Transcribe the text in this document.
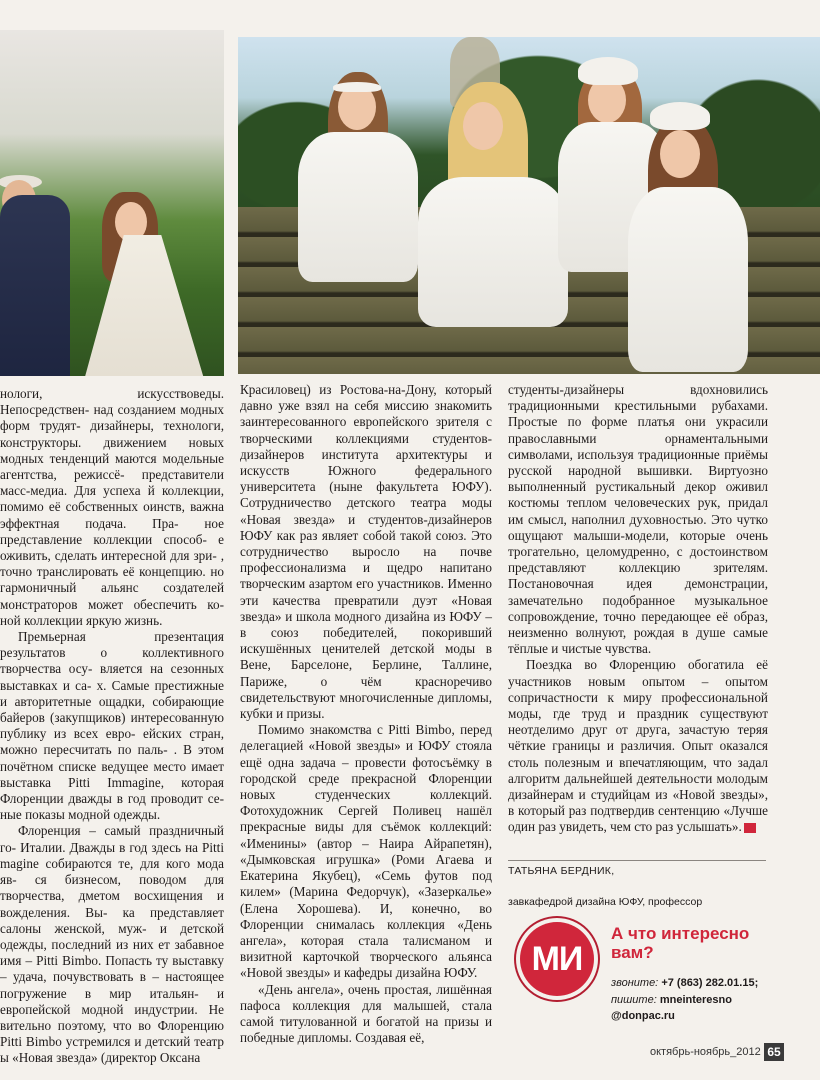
нологи, искусствоведы. Непосредствен- над созданием модных форм трудят- дизайнеры, технологи, конструкторы. движением новых модных тенденций маются модельные агентства, режиссё- представители масс-медиа. Для успеха й коллекции, помимо её собственных оинств, важна эффектная подача. Пра- ное представление коллекции способ- е оживить, сделать интересной для зри- , точно транслировать её концепцию. но гармоничный альянс создателей монстраторов может обеспечить ко- ной коллекции яркую жизнь.

Премьерная презентация результатов о коллективного творчества осу- вляется на сезонных выставках и са- х. Самые престижные и авторитетные ощадки, собирающие байеров (закупщиков) интересованную публику из всех евро- ейских стран, можно пересчитать по паль- . В этом почётном списке ведущее место имает выставка Pitti Immagine, которая Флоренции дважды в год проводит се- ные показы модной одежды.

Флоренция – самый праздничный го- Италии. Дважды в год здесь на Pitti magine собираются те, для кого мода яв- ся бизнесом, поводом для творчества, дметом восхищения и вожделения. Вы- ка представляет салоны женской, муж- и детской одежды, последний из них ет забавное имя – Pitti Bimbo. Попасть ту выставку – удача, почувствовать в – настоящее погружение в мир итальян- и европейской модной индустрии. Не вительно поэтому, что во Флоренцию Pitti Bimbo устремился и детский театр ы «Новая звезда» (директор Оксана

Красиловец) из Ростова-на-Дону, который давно уже взял на себя миссию знакомить заинтересованного европейского зрителя с творческими коллекциями студентов-дизайнеров института архитектуры и искусств Южного федерального университета (ныне факультета ЮФУ). Сотрудничество детского театра моды «Новая звезда» и студентов-дизайнеров ЮФУ как раз являет собой такой союз. Это сотрудничество выросло на почве профессионализма и щедро напитано творческим азартом его участников. Именно эти качества превратили дуэт «Новая звезда» и школа модного дизайна из ЮФУ – в союз победителей, покоривший искушённых ценителей детской моды в Вене, Барселоне, Берлине, Таллине, Париже, о чём красноречиво свидетельствуют многочисленные дипломы, кубки и призы.

Помимо знакомства с Pitti Bimbo, перед делегацией «Новой звезды» и ЮФУ стояла ещё одна задача – провести фотосъёмку в городской среде прекрасной Флоренции новых студенческих коллекций. Фотохудожник Сергей Поливец нашёл прекрасные виды для съёмок коллекций: «Именины» (автор – Наира Айрапетян), «Дымковская игрушка» (Роми Агаева и Екатерина Якубец), «Семь футов под килем» (Марина Федорчук), «Зазеркалье» (Елена Хорошева). И, конечно, во Флоренции снималась коллекция «День ангела», которая стала талисманом и визитной карточкой творческого альянса «Новой звезды» и кафедры дизайна ЮФУ.

«День ангела», очень простая, лишённая пафоса коллекция для малышей, стала самой титулованной и богатой на призы и победные дипломы. Создавая её,

студенты-дизайнеры вдохновились традиционными крестильными рубахами. Простые по форме платья они украсили православными орнаментальными символами, используя традиционные приёмы русской народной вышивки. Виртуозно выполненный рустикальный декор оживил костюмы теплом человеческих рук, придал им смысл, наполнил духовностью. Это чутко ощущают малыши-модели, которые очень трогательно, целомудренно, с достоинством представляют коллекцию зрителям. Постановочная идея демонстрации, замечательно подобранное музыкальное сопровождение, точно передающее её образ, неизменно волнуют, рождая в душе самые тёплые и чистые чувства.

Поездка во Флоренцию обогатила её участников новым опытом – опытом сопричастности к миру профессиональной моды, где труд и праздник существуют неотделимо друг от друга, зачастую теряя чёткие границы и различия. Опыт оказался столь полезным и впечатляющим, что задал алгоритм дальнейшей деятельности молодым дизайнерам и студийцам из «Новой звезды», в который раз подтвердив сентенцию «Лучше один раз увидеть, чем сто раз услышать».

ТАТЬЯНА БЕРДНИК,
завкафедрой дизайна ЮФУ, профессор
МИ
А что интересно вам?
звоните: +7 (863) 282.01.15;
пишите: mneinteresno
@donpac.ru
октябрь-ноябрь_2012 65
